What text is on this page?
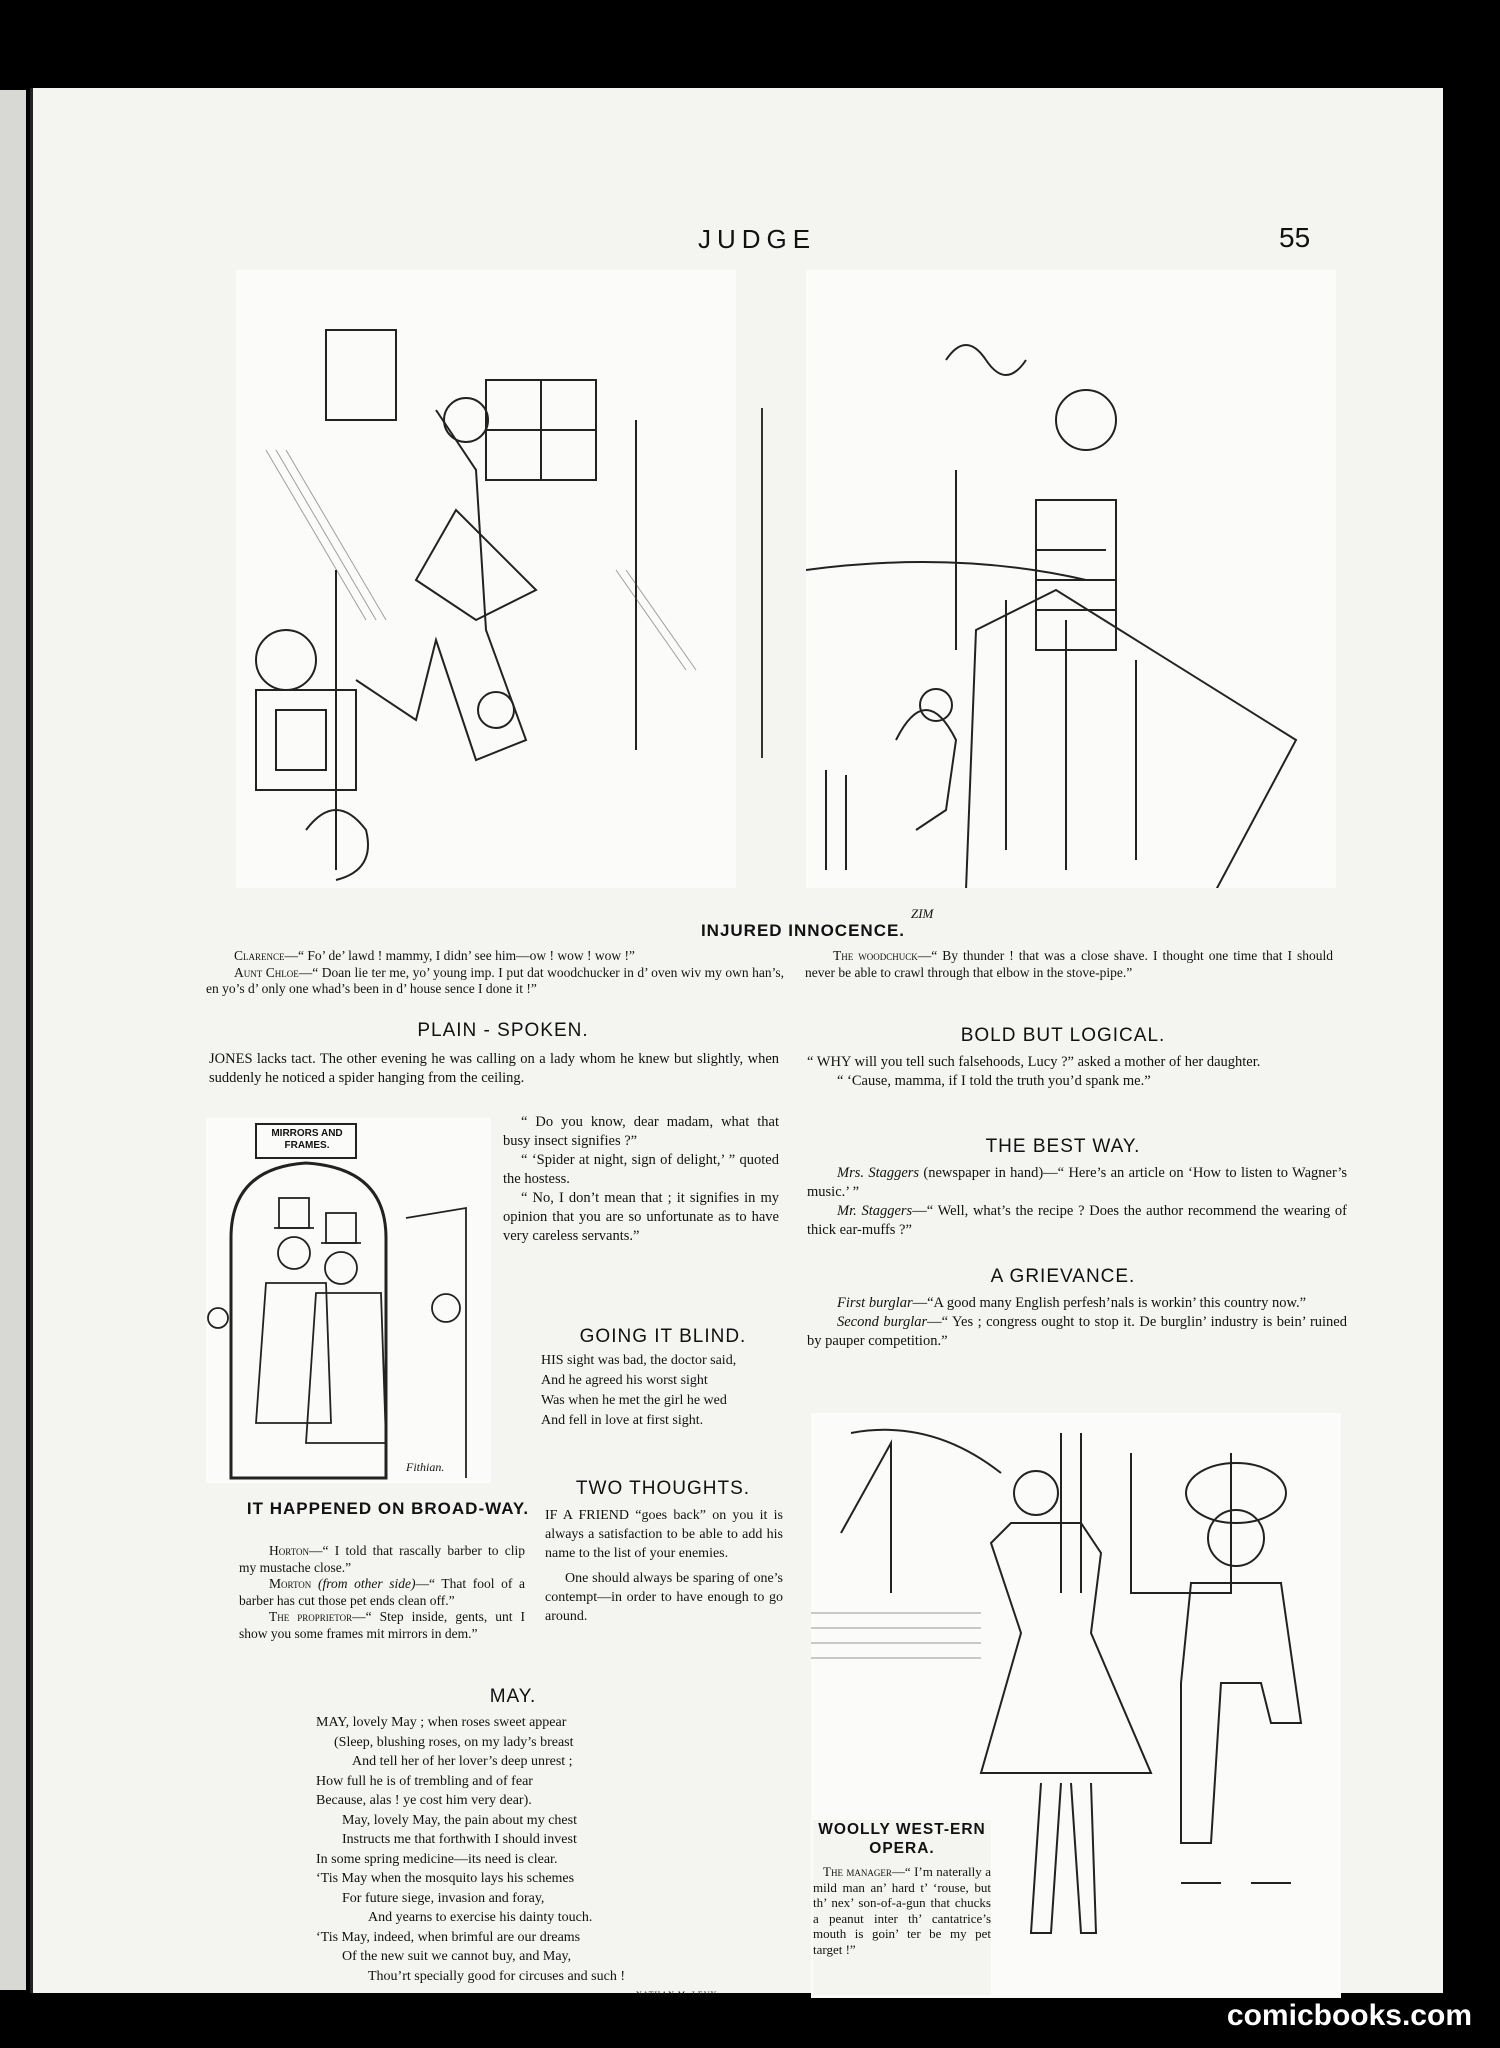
JUDGE	55
ZIM
INJURED INNOCENCE.
Clarence—“ Fo’ de’ lawd ! mammy, I didn’ see him—ow ! wow ! wow !”
Aunt Chloe—“ Doan lie ter me, yo’ young imp. I put dat woodchucker in d’ oven wiv my own han’s, en yo’s d’ only one whad’s been in d’ house sence I done it !”
The woodchuck—“ By thunder ! that was a close shave. I thought one time that I should never be able to crawl through that elbow in the stove-pipe.”
PLAIN - SPOKEN.
JONES lacks tact. The other evening he was calling on a lady whom he knew but slightly, when suddenly he noticed a spider hanging from the ceiling.
“ Do you know, dear madam, what that busy insect signifies ?”
“ ‘Spider at night, sign of delight,’ ” quoted the hostess.
“ No, I don’t mean that ; it signifies in my opinion that you are so unfortunate as to have very careless servants.”
MIRRORS AND FRAMES.
Fithian.
IT HAPPENED ON BROAD-WAY.
Horton—“ I told that rascally barber to clip my mustache close.”
Morton (from other side)—“ That fool of a barber has cut those pet ends clean off.”
The proprietor—“ Step inside, gents, unt I show you some frames mit mirrors in dem.”
GOING IT BLIND.
HIS sight was bad, the doctor said,
And he agreed his worst sight
Was when he met the girl he wed
And fell in love at first sight.
TWO THOUGHTS.
IF A FRIEND “goes back” on you it is always a satisfaction to be able to add his name to the list of your enemies.
One should always be sparing of one’s contempt—in order to have enough to go around.
MAY.
MAY, lovely May ; when roses sweet appear
(Sleep, blushing roses, on my lady’s breast
And tell her of her lover’s deep unrest ;
How full he is of trembling and of fear
Because, alas ! ye cost him very dear).
May, lovely May, the pain about my chest
Instructs me that forthwith I should invest
In some spring medicine—its need is clear.
‘Tis May when the mosquito lays his schemes
For future siege, invasion and foray,
And yearns to exercise his dainty touch.
‘Tis May, indeed, when brimful are our dreams
Of the new suit we cannot buy, and May,
Thou’rt specially good for circuses and such !
NATHAN M. LEVY.
BOLD BUT LOGICAL.
“ WHY will you tell such falsehoods, Lucy ?” asked a mother of her daughter.
“ ‘Cause, mamma, if I told the truth you’d spank me.”
THE BEST WAY.
Mrs. Staggers (newspaper in hand)—“ Here’s an article on ‘How to listen to Wagner’s music.’ ”
Mr. Staggers—“ Well, what’s the recipe ? Does the author recommend the wearing of thick ear-muffs ?”
A GRIEVANCE.
First burglar—“A good many English perfesh’nals is workin’ this country now.”
Second burglar—“ Yes ; congress ought to stop it. De burglin’ industry is bein’ ruined by pauper competition.”
WOOLLY WEST-ERN OPERA.
The manager—“ I’m naterally a mild man an’ hard t’ ‘rouse, but th’ nex’ son-of-a-gun that chucks a peanut inter th’ cantatrice’s mouth is goin’ ter be my pet target !”
comicbooks.com
